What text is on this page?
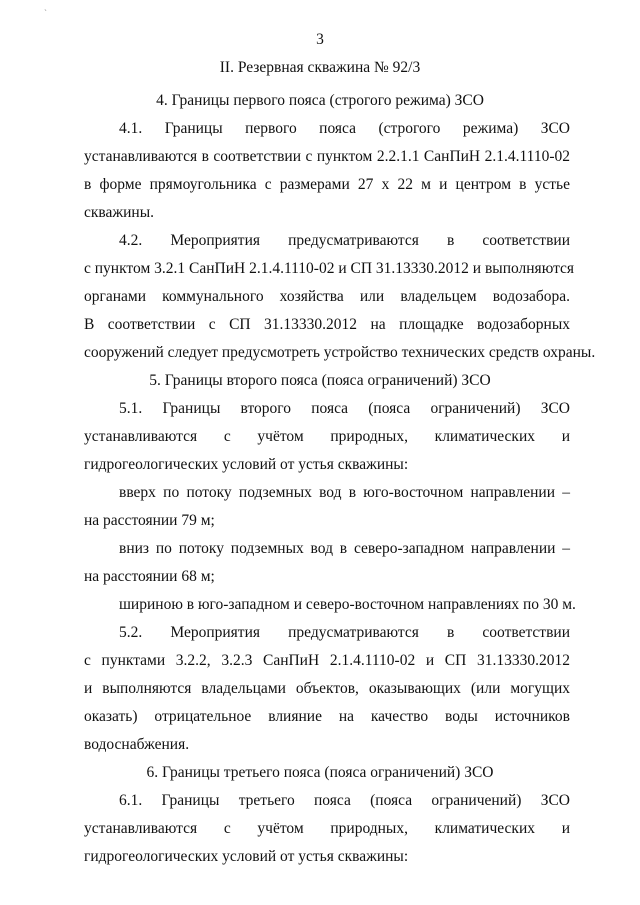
`
3
II. Резервная скважина № 92/3
4. Границы первого пояса (строгого режима) ЗСО
4.1. Границы первого пояса (строгого режима) ЗСО
устанавливаются в соответствии с пунктом 2.2.1.1 СанПиН 2.1.4.1110-02
в форме прямоугольника с размерами 27 х 22 м и центром в устье
скважины.
4.2. Мероприятия предусматриваются в соответствии
с пунктом 3.2.1 СанПиН 2.1.4.1110-02 и СП 31.13330.2012 и выполняются
органами коммунального хозяйства или владельцем водозабора.
В соответствии с СП 31.13330.2012 на площадке водозаборных
сооружений следует предусмотреть устройство технических средств охраны.
5. Границы второго пояса (пояса ограничений) ЗСО
5.1. Границы второго пояса (пояса ограничений) ЗСО
устанавливаются с учётом природных, климатических и
гидрогеологических условий от устья скважины:
вверх по потоку подземных вод в юго-восточном направлении –
на расстоянии 79 м;
вниз по потоку подземных вод в северо-западном направлении –
на расстоянии 68 м;
шириною в юго-западном и северо-восточном направлениях по 30 м.
5.2. Мероприятия предусматриваются в соответствии
с пунктами 3.2.2, 3.2.3 СанПиН 2.1.4.1110-02 и СП 31.13330.2012
и выполняются владельцами объектов, оказывающих (или могущих
оказать) отрицательное влияние на качество воды источников
водоснабжения.
6. Границы третьего пояса (пояса ограничений) ЗСО
6.1. Границы третьего пояса (пояса ограничений) ЗСО
устанавливаются с учётом природных, климатических и
гидрогеологических условий от устья скважины:
